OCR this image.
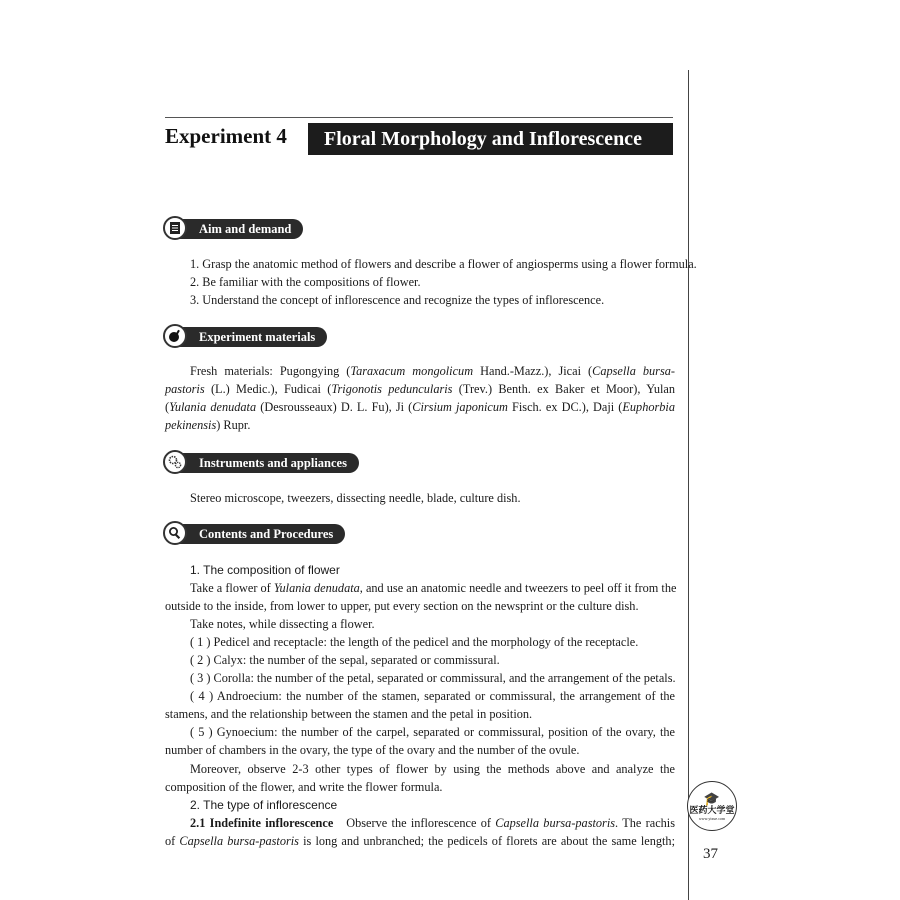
Experiment 4	Floral Morphology and Inflorescence
Aim and demand
1. Grasp the anatomic method of flowers and describe a flower of angiosperms using a flower formula.
2. Be familiar with the compositions of flower.
3. Understand the concept of inflorescence and recognize the types of inflorescence.
Experiment materials
Fresh materials: Pugongying (Taraxacum mongolicum Hand.-Mazz.), Jicai (Capsella bursa-
pastoris (L.) Medic.), Fudicai (Trigonotis peduncularis (Trev.) Benth. ex Baker et Moor), Yulan
(Yulania denudata (Desrousseaux) D. L. Fu), Ji (Cirsium japonicum Fisch. ex DC.), Daji (Euphorbia
pekinensis) Rupr.
Instruments and appliances
Stereo microscope, tweezers, dissecting needle, blade, culture dish.
Contents and Procedures
1. The composition of flower
Take a flower of Yulania denudata, and use an anatomic needle and tweezers to peel off it from the
outside to the inside, from lower to upper, put every section on the newsprint or the culture dish.
Take notes, while dissecting a flower.
( 1 ) Pedicel and receptacle: the length of the pedicel and the morphology of the receptacle.
( 2 ) Calyx: the number of the sepal, separated or commissural.
( 3 ) Corolla: the number of the petal, separated or commissural, and the arrangement of the petals.
( 4 ) Androecium: the number of the stamen, separated or commissural, the arrangement of the
stamens, and the relationship between the stamen and the petal in position.
( 5 ) Gynoecium: the number of the carpel, separated or commissural, position of the ovary, the
number of chambers in the ovary, the type of the ovary and the number of the ovule.
Moreover, observe 2-3 other types of flower by using the methods above and analyze the
composition of the flower, and write the flower formula.
2. The type of inflorescence
2.1 Indefinite inflorescence   Observe the inflorescence of Capsella bursa-pastoris. The rachis
of Capsella bursa-pastoris is long and unbranched; the pedicels of florets are about the same length;
🎓
医药大学堂
www.yixue.com
37
